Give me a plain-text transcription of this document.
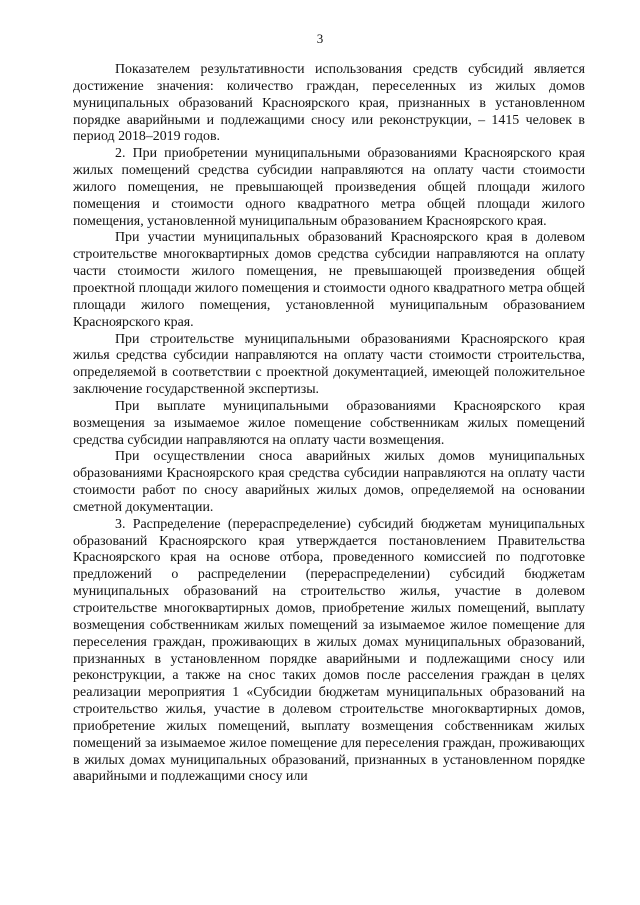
3

Показателем результативности использования средств субсидий является достижение значения: количество граждан, переселенных из жилых домов муниципальных образований Красноярского края, признанных в установленном порядке аварийными и подлежащими сносу или реконструкции, – 1415 человек в период 2018–2019 годов.

2. При приобретении муниципальными образованиями Красноярского края жилых помещений средства субсидии направляются на оплату части стоимости жилого помещения, не превышающей произведения общей площади жилого помещения и стоимости одного квадратного метра общей площади жилого помещения, установленной муниципальным образованием Красноярского края.

При участии муниципальных образований Красноярского края в долевом строительстве многоквартирных домов средства субсидии направляются на оплату части стоимости жилого помещения, не превышающей произведения общей проектной площади жилого помещения и стоимости одного квадратного метра общей площади жилого помещения, установленной муниципальным образованием Красноярского края.

При строительстве муниципальными образованиями Красноярского края жилья средства субсидии направляются на оплату части стоимости строительства, определяемой в соответствии с проектной документацией, имеющей положительное заключение государственной экспертизы.

При выплате муниципальными образованиями Красноярского края возмещения за изымаемое жилое помещение собственникам жилых помещений средства субсидии направляются на оплату части возмещения.

При осуществлении сноса аварийных жилых домов муниципальных образованиями Красноярского края средства субсидии направляются на оплату части стоимости работ по сносу аварийных жилых домов, определяемой на основании сметной документации.

3. Распределение (перераспределение) субсидий бюджетам муниципальных образований Красноярского края утверждается постановлением Правительства Красноярского края на основе отбора, проведенного комиссией по подготовке предложений о распределении (перераспределении) субсидий бюджетам муниципальных образований на строительство жилья, участие в долевом строительстве многоквартирных домов, приобретение жилых помещений, выплату возмещения собственникам жилых помещений за изымаемое жилое помещение для переселения граждан, проживающих в жилых домах муниципальных образований, признанных в установленном порядке аварийными и подлежащими сносу или реконструкции, а также на снос таких домов после расселения граждан в целях реализации мероприятия 1 «Субсидии бюджетам муниципальных образований на строительство жилья, участие в долевом строительстве многоквартирных домов, приобретение жилых помещений, выплату возмещения собственникам жилых помещений за изымаемое жилое помещение для переселения граждан, проживающих в жилых домах муниципальных образований, признанных в установленном порядке аварийными и подлежащими сносу или
